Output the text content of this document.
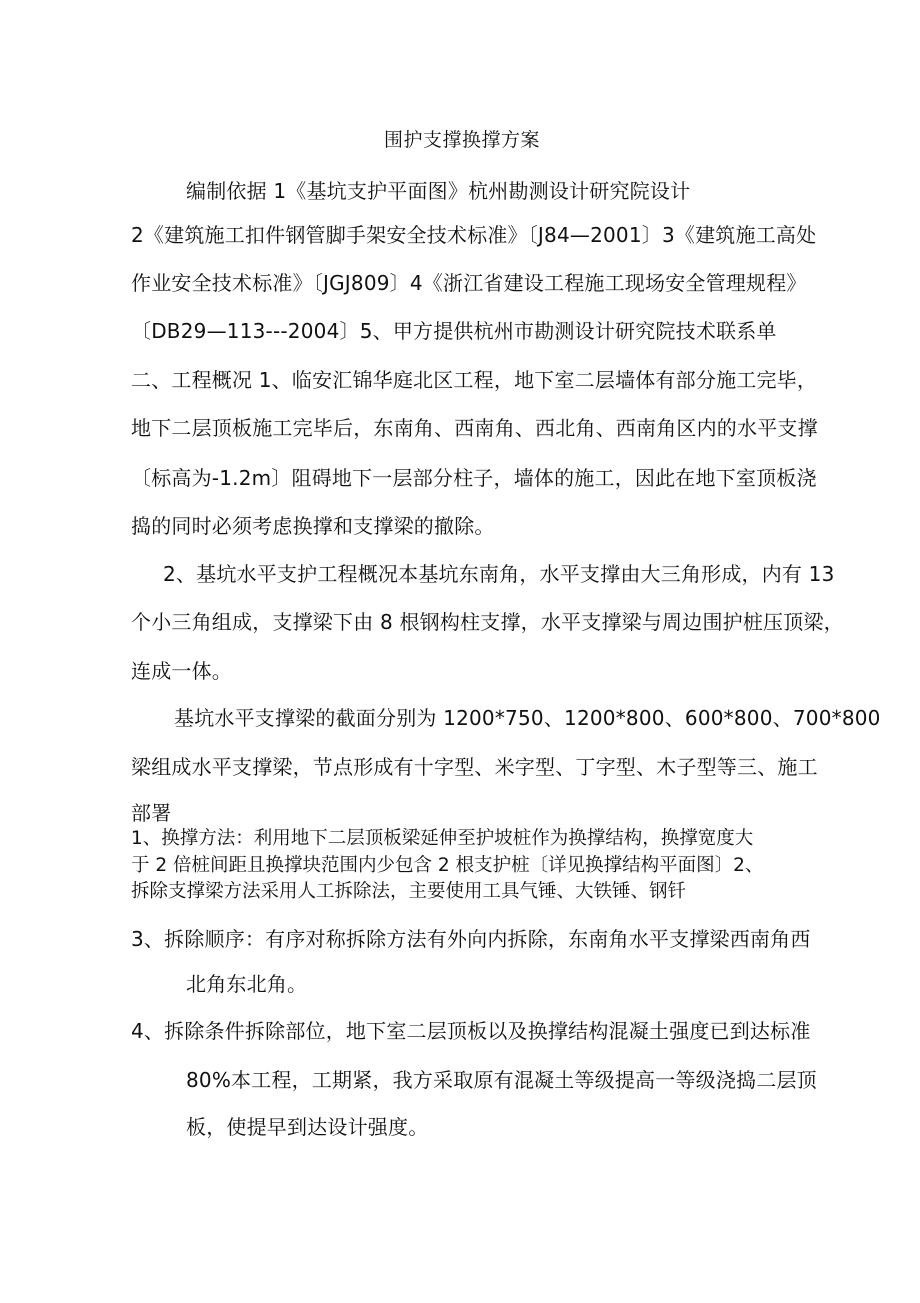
围护支撑换撑方案
编制依据 1《基坑支护平面图》杭州勘测设计研究院设计
2《建筑施工扣件钢管脚手架安全技术标准》〔J84—2001〕3《建筑施工高处
作业安全技术标准》〔JGJ809〕4《浙江省建设工程施工现场安全管理规程》
〔DB29—113---2004〕5、甲方提供杭州市勘测设计研究院技术联系单
二、工程概况 1、临安汇锦华庭北区工程，地下室二层墙体有部分施工完毕，
地下二层顶板施工完毕后，东南角、西南角、西北角、西南角区内的水平支撑
〔标高为-1.2m〕阻碍地下一层部分柱子，墙体的施工，因此在地下室顶板浇
捣的同时必须考虑换撑和支撑梁的撤除。
2、基坑水平支护工程概况本基坑东南角，水平支撑由大三角形成，内有 13
个小三角组成，支撑梁下由 8 根钢构柱支撑，水平支撑梁与周边围护桩压顶梁，
连成一体。
基坑水平支撑梁的截面分别为 1200*750、1200*800、600*800、700*800
梁组成水平支撑梁，节点形成有十字型、米字型、丁字型、木子型等三、施工
部署
1、换撑方法：利用地下二层顶板梁延伸至护坡桩作为换撑结构，换撑宽度大
于 2 倍桩间距且换撑块范围内少包含 2 根支护桩〔详见换撑结构平面图〕2、
拆除支撑梁方法采用人工拆除法，主要使用工具气锤、大铁锤、钢钎
3、拆除顺序：有序对称拆除方法有外向内拆除，东南角水平支撑梁西南角西
北角东北角。
4、拆除条件拆除部位，地下室二层顶板以及换撑结构混凝土强度已到达标准
80%本工程，工期紧，我方采取原有混凝土等级提高一等级浇捣二层顶
板，使提早到达设计强度。
